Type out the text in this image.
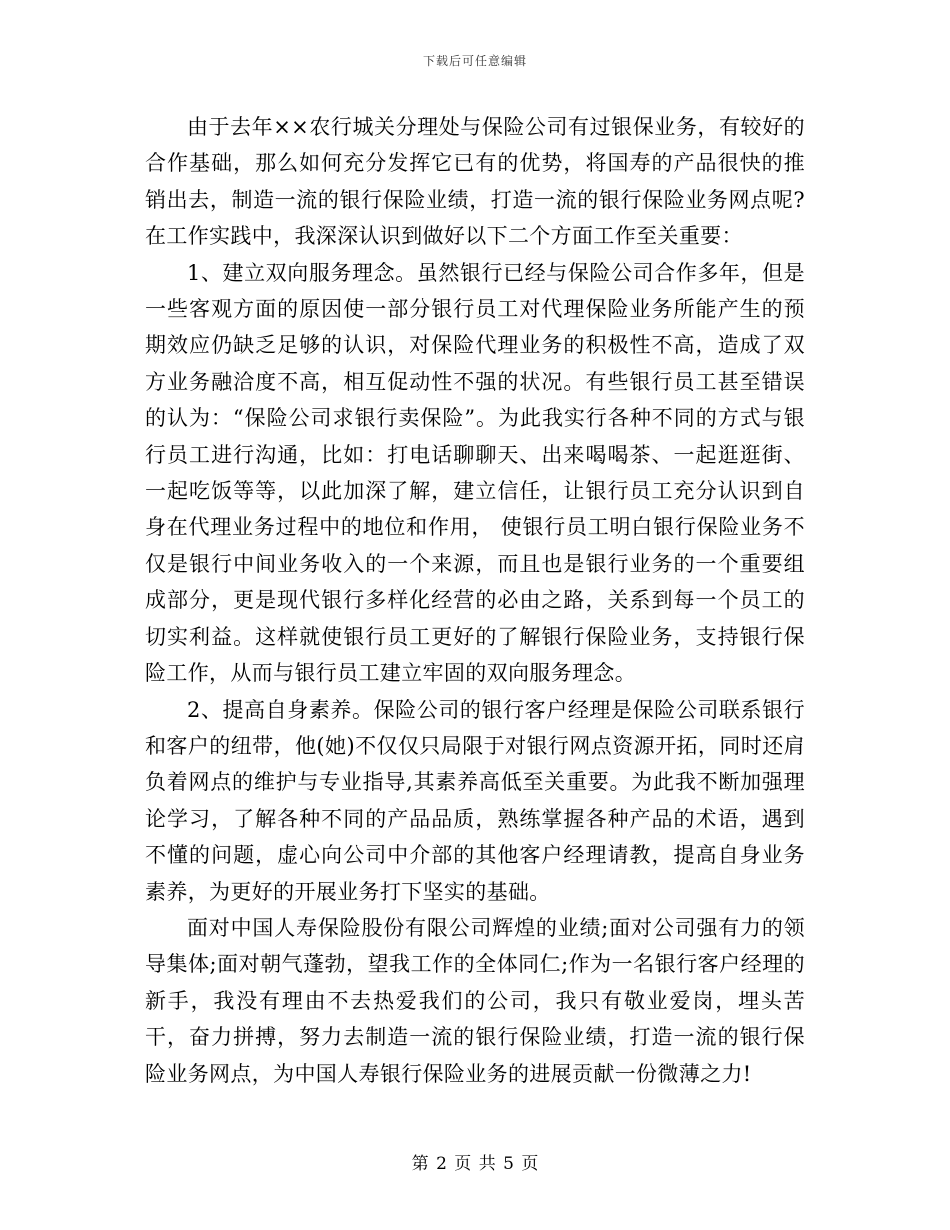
下载后可任意编辑

由于去年××农行城关分理处与保险公司有过银保业务，有较好的合作基础，那么如何充分发挥它已有的优势，将国寿的产品很快的推销出去，制造一流的银行保险业绩，打造一流的银行保险业务网点呢?在工作实践中，我深深认识到做好以下二个方面工作至关重要：

1、建立双向服务理念。虽然银行已经与保险公司合作多年，但是一些客观方面的原因使一部分银行员工对代理保险业务所能产生的预期效应仍缺乏足够的认识，对保险代理业务的积极性不高，造成了双方业务融洽度不高，相互促动性不强的状况。有些银行员工甚至错误的认为：“保险公司求银行卖保险”。为此我实行各种不同的方式与银行员工进行沟通，比如：打电话聊聊天、出来喝喝茶、一起逛逛街、一起吃饭等等，以此加深了解，建立信任，让银行员工充分认识到自身在代理业务过程中的地位和作用， 使银行员工明白银行保险业务不仅是银行中间业务收入的一个来源，而且也是银行业务的一个重要组成部分，更是现代银行多样化经营的必由之路，关系到每一个员工的切实利益。这样就使银行员工更好的了解银行保险业务，支持银行保险工作，从而与银行员工建立牢固的双向服务理念。

2、提高自身素养。保险公司的银行客户经理是保险公司联系银行和客户的纽带，他(她)不仅仅只局限于对银行网点资源开拓，同时还肩负着网点的维护与专业指导,其素养高低至关重要。为此我不断加强理论学习，了解各种不同的产品品质，熟练掌握各种产品的术语，遇到不懂的问题，虚心向公司中介部的其他客户经理请教，提高自身业务素养，为更好的开展业务打下坚实的基础。

面对中国人寿保险股份有限公司辉煌的业绩;面对公司强有力的领导集体;面对朝气蓬勃，望我工作的全体同仁;作为一名银行客户经理的新手，我没有理由不去热爱我们的公司，我只有敬业爱岗，埋头苦干，奋力拼搏，努力去制造一流的银行保险业绩，打造一流的银行保险业务网点，为中国人寿银行保险业务的进展贡献一份微薄之力!

第 2 页 共 5 页
